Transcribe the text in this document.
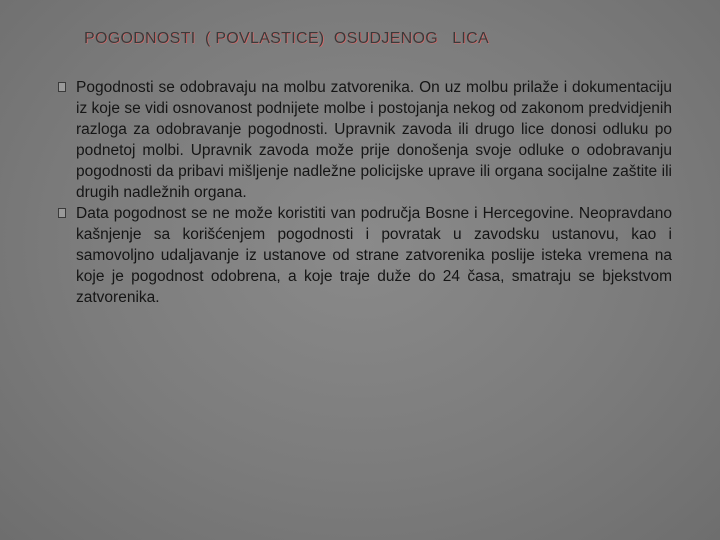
POGODNOSTI  ( POVLASTICE)  OSUDJENOG   LICA
Pogodnosti se odobravaju na molbu zatvorenika. On uz molbu prilaže i dokumentaciju iz koje se vidi osnovanost podnijete molbe i postojanja nekog od zakonom predvidjenih razloga za odobravanje pogodnosti. Upravnik zavoda ili drugo lice donosi odluku po podnetoj molbi. Upravnik zavoda može prije donošenja svoje odluke o odobravanju pogodnosti da pribavi mišljenje nadležne policijske uprave ili organa socijalne zaštite ili drugih nadležnih organa.
Data pogodnost se ne može koristiti van područja Bosne i Hercegovine. Neopravdano kašnjenje sa korišćenjem pogodnosti i povratak u zavodsku ustanovu, kao i samovoljno udaljavanje iz ustanove od strane zatvorenika poslije isteka vremena na koje je pogodnost odobrena, a koje traje duže do 24 časa, smatraju se bjekstvom zatvorenika.
